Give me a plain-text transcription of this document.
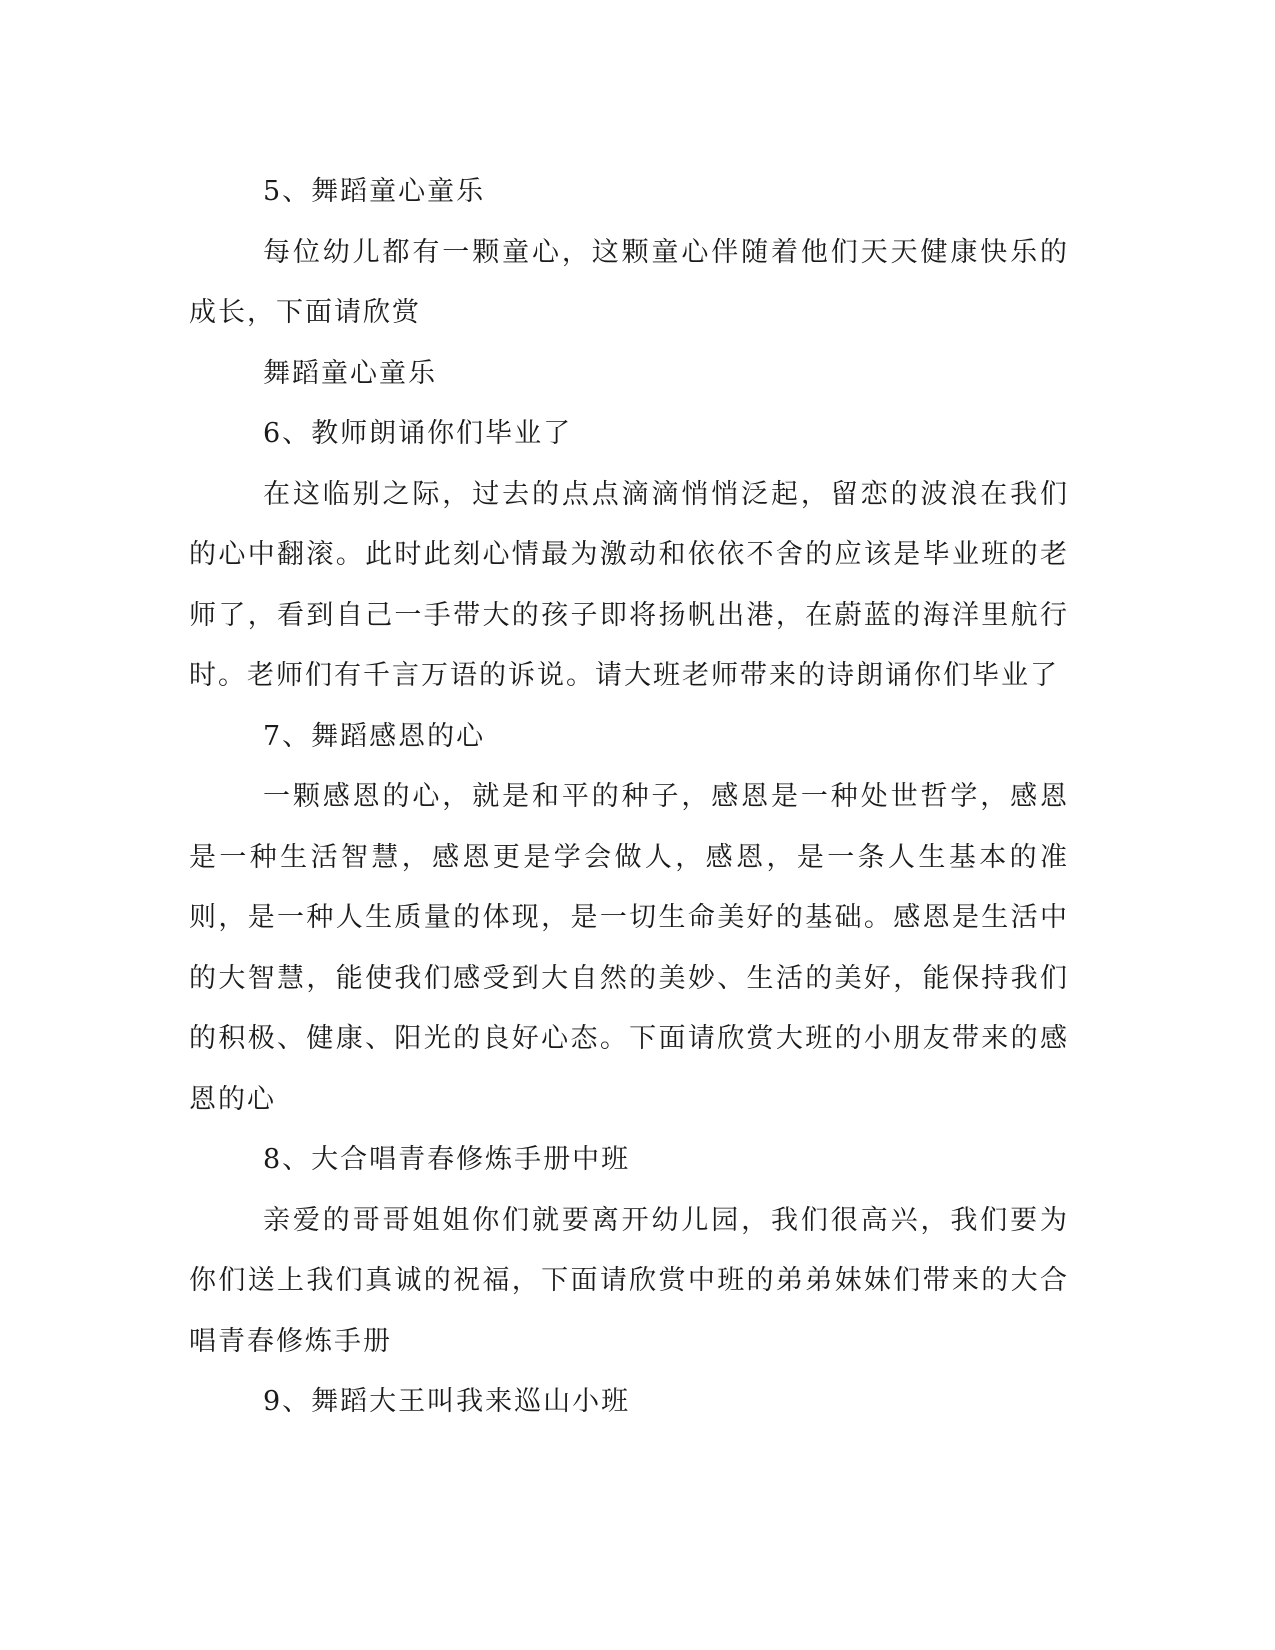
5、舞蹈童心童乐

每位幼儿都有一颗童心，这颗童心伴随着他们天天健康快乐的成长，下面请欣赏

舞蹈童心童乐

6、教师朗诵你们毕业了

在这临别之际，过去的点点滴滴悄悄泛起，留恋的波浪在我们的心中翻滚。此时此刻心情最为激动和依依不舍的应该是毕业班的老师了，看到自己一手带大的孩子即将扬帆出港，在蔚蓝的海洋里航行时。老师们有千言万语的诉说。请大班老师带来的诗朗诵你们毕业了

7、舞蹈感恩的心

一颗感恩的心，就是和平的种子，感恩是一种处世哲学，感恩是一种生活智慧，感恩更是学会做人，感恩，是一条人生基本的准则，是一种人生质量的体现，是一切生命美好的基础。感恩是生活中的大智慧，能使我们感受到大自然的美妙、生活的美好，能保持我们的积极、健康、阳光的良好心态。下面请欣赏大班的小朋友带来的感恩的心

8、大合唱青春修炼手册中班

亲爱的哥哥姐姐你们就要离开幼儿园，我们很高兴，我们要为你们送上我们真诚的祝福，下面请欣赏中班的弟弟妹妹们带来的大合唱青春修炼手册

9、舞蹈大王叫我来巡山小班
